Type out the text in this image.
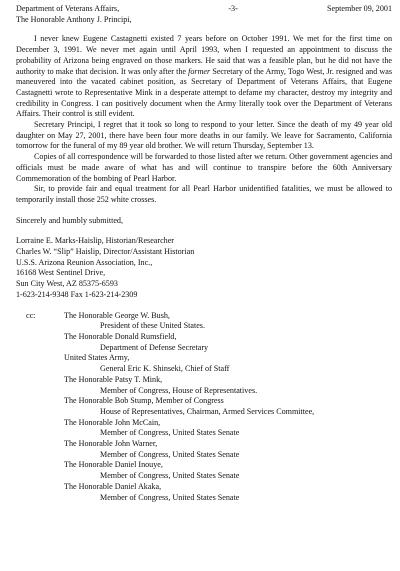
Department of Veterans Affairs,	-3-	September 09, 2001
The Honorable Anthony J. Principi,

I never knew Eugene Castagnetti existed 7 years before on October 1991. We met for the first time on December 3, 1991. We never met again until April 1993, when I requested an appointment to discuss the probability of Arizona being engraved on those markers. He said that was a feasible plan, but he did not have the authority to make that decision. It was only after the former Secretary of the Army, Togo West, Jr. resigned and was maneuvered into the vacated cabinet position, as Secretary of Department of Veterans Affairs, that Eugene Castagnetti wrote to Representative Mink in a desperate attempt to defame my character, destroy my integrity and credibility in Congress. I can positively document when the Army literally took over the Department of Veterans Affairs. Their control is still evident.

Secretary Principi, I regret that it took so long to respond to your letter. Since the death of my 49 year old daughter on May 27, 2001, there have been four more deaths in our family. We leave for Sacramento, California tomorrow for the funeral of my 89 year old brother. We will return Thursday, September 13.

Copies of all correspondence will be forwarded to those listed after we return. Other government agencies and officials must be made aware of what has and will continue to transpire before the 60th Anniversary Commemoration of the bombing of Pearl Harbor.

Sir, to provide fair and equal treatment for all Pearl Harbor unidentified fatalities, we must be allowed to temporarily install those 252 white crosses.

Sincerely and humbly submitted,

Lorraine E. Marks-Haislip, Historian/Researcher
Charles W. “Slip” Haislip, Director/Assistant Historian
U.S.S. Arizona Reunion Association, Inc.,
16168 West Sentinel Drive,
Sun City West, AZ 85375-6593
1-623-214-9348 Fax 1-623-214-2309
cc:	The Honorable George W. Bush,
President of these United States.
The Honorable Donald Rumsfield,
Department of Defense Secretary
United States Army,
General Eric K. Shinseki, Chief of Staff
The Honorable Patsy T. Mink,
Member of Congress, House of Representatives.
The Honorable Bob Stump, Member of Congress
House of Representatives, Chairman, Armed Services Committee,
The Honorable John McCain,
Member of Congress, United States Senate
The Honorable John Warner,
Member of Congress, United States Senate
The Honorable Daniel Inouye,
Member of Congress, United States Senate
The Honorable Daniel Akaka,
Member of Congress, United States Senate
